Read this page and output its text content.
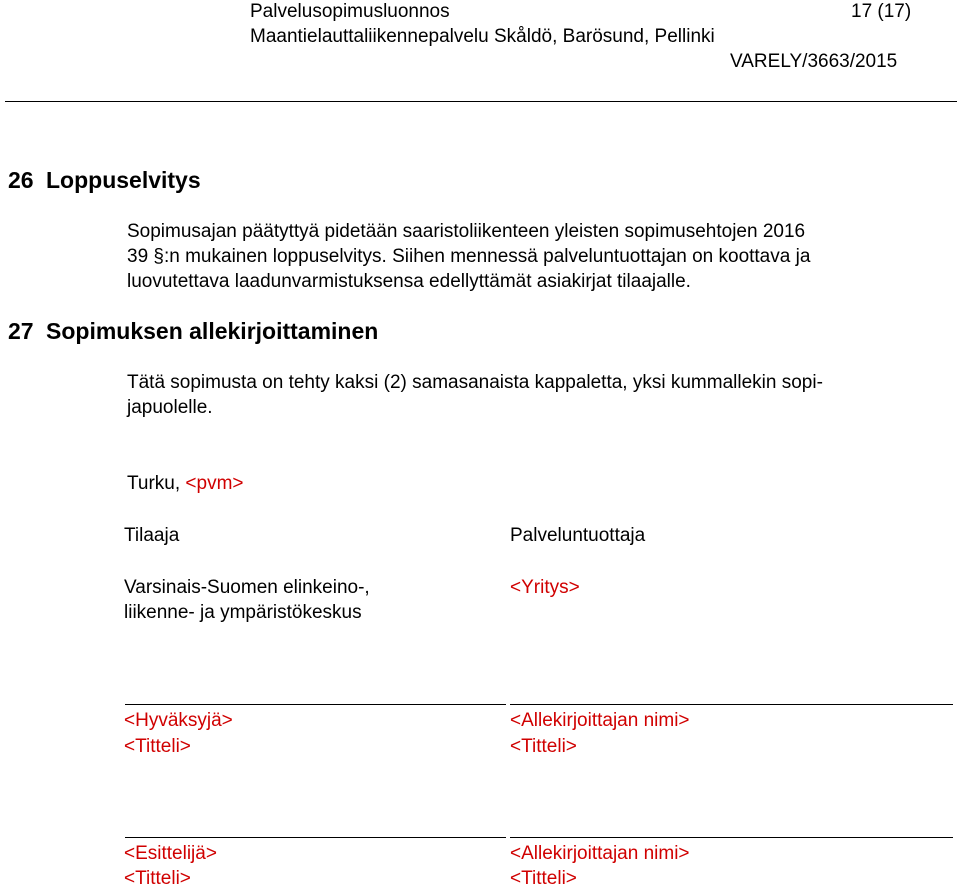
Palvelusopimusluonnos	17 (17)
Maantielauttaliikennepalvelu Skåldö, Barösund, Pellinki
VARELY/3663/2015
26 Loppuselvitys
Sopimusajan päätyttyä pidetään saaristoliikenteen yleisten sopimusehtojen 2016
39 §:n mukainen loppuselvitys. Siihen mennessä palveluntuottajan on koottava ja
luovutettava laadunvarmistuksensa edellyttämät asiakirjat tilaajalle.
27 Sopimuksen allekirjoittaminen
Tätä sopimusta on tehty kaksi (2) samasanaista kappaletta, yksi kummallekin sopi-
japuolelle.
Turku, <pvm>
Tilaaja	Palveluntuottaja
Varsinais-Suomen elinkeino-,
liikenne- ja ympäristökeskus
<Yritys>
<Hyväksyjä>
<Titteli>
<Allekirjoittajan nimi>
<Titteli>
<Esittelijä>
<Titteli>
<Allekirjoittajan nimi>
<Titteli>
